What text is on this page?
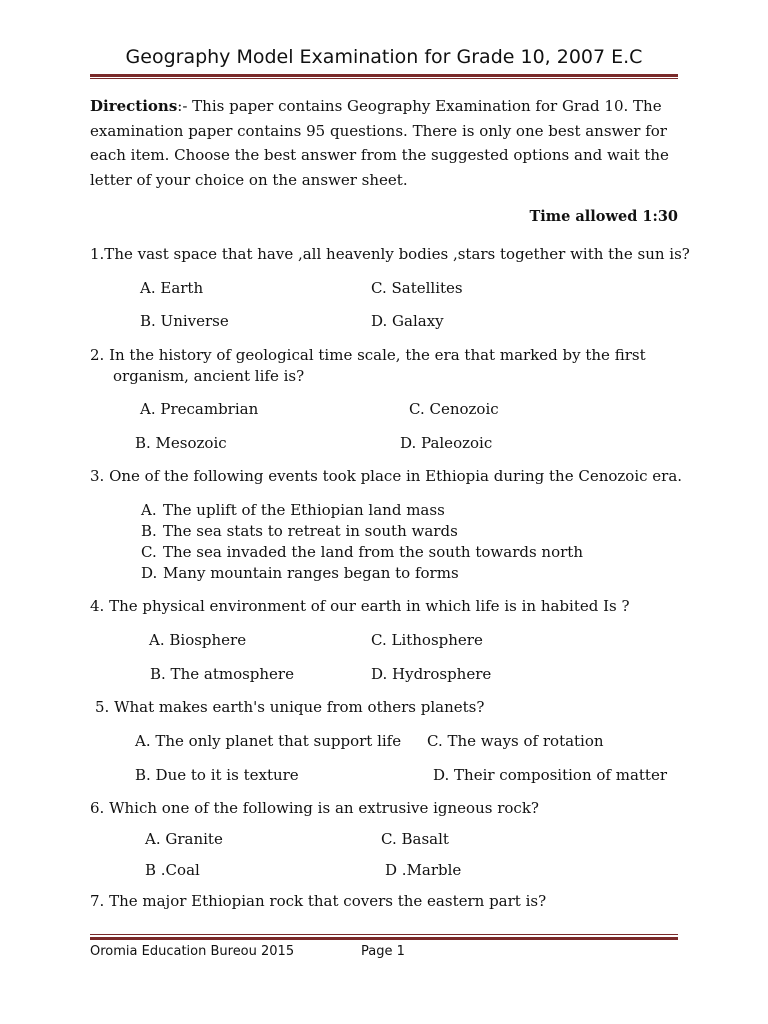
Geography Model Examination for Grade 10, 2007 E.C
Directions:- This paper contains Geography Examination for Grad 10. The examination paper contains 95 questions. There is only one best answer for each item. Choose the best answer from the suggested options and wait the letter of your choice on the answer sheet.
Time allowed 1:30
1.The vast space that have ,all heavenly bodies ,stars together with the sun is?
A. Earth	C. Satellites
B. Universe	D. Galaxy
2. In the history of geological time scale, the era that marked by the first
organism, ancient life is?
A. Precambrian	C. Cenozoic
B. Mesozoic	D. Paleozoic
3. One of the following events took place in Ethiopia during the Cenozoic era.
A. The uplift of the Ethiopian land mass
B. The sea stats to retreat in south wards
C. The sea invaded the land from the south towards north
D. Many mountain ranges began to forms
4. The physical environment of our earth in which life is in habited Is ?
A. Biosphere	C. Lithosphere
B. The atmosphere	D. Hydrosphere
5. What makes earth's unique from others planets?
A. The only planet that support life C. The ways of rotation
B. Due to it is texture	D. Their composition of matter
6. Which one of the following is an extrusive igneous rock?
A. Granite	C. Basalt
B .Coal	D .Marble
7. The major Ethiopian rock that covers the eastern part is?
Oromia Education Bureou 2015	Page 1
